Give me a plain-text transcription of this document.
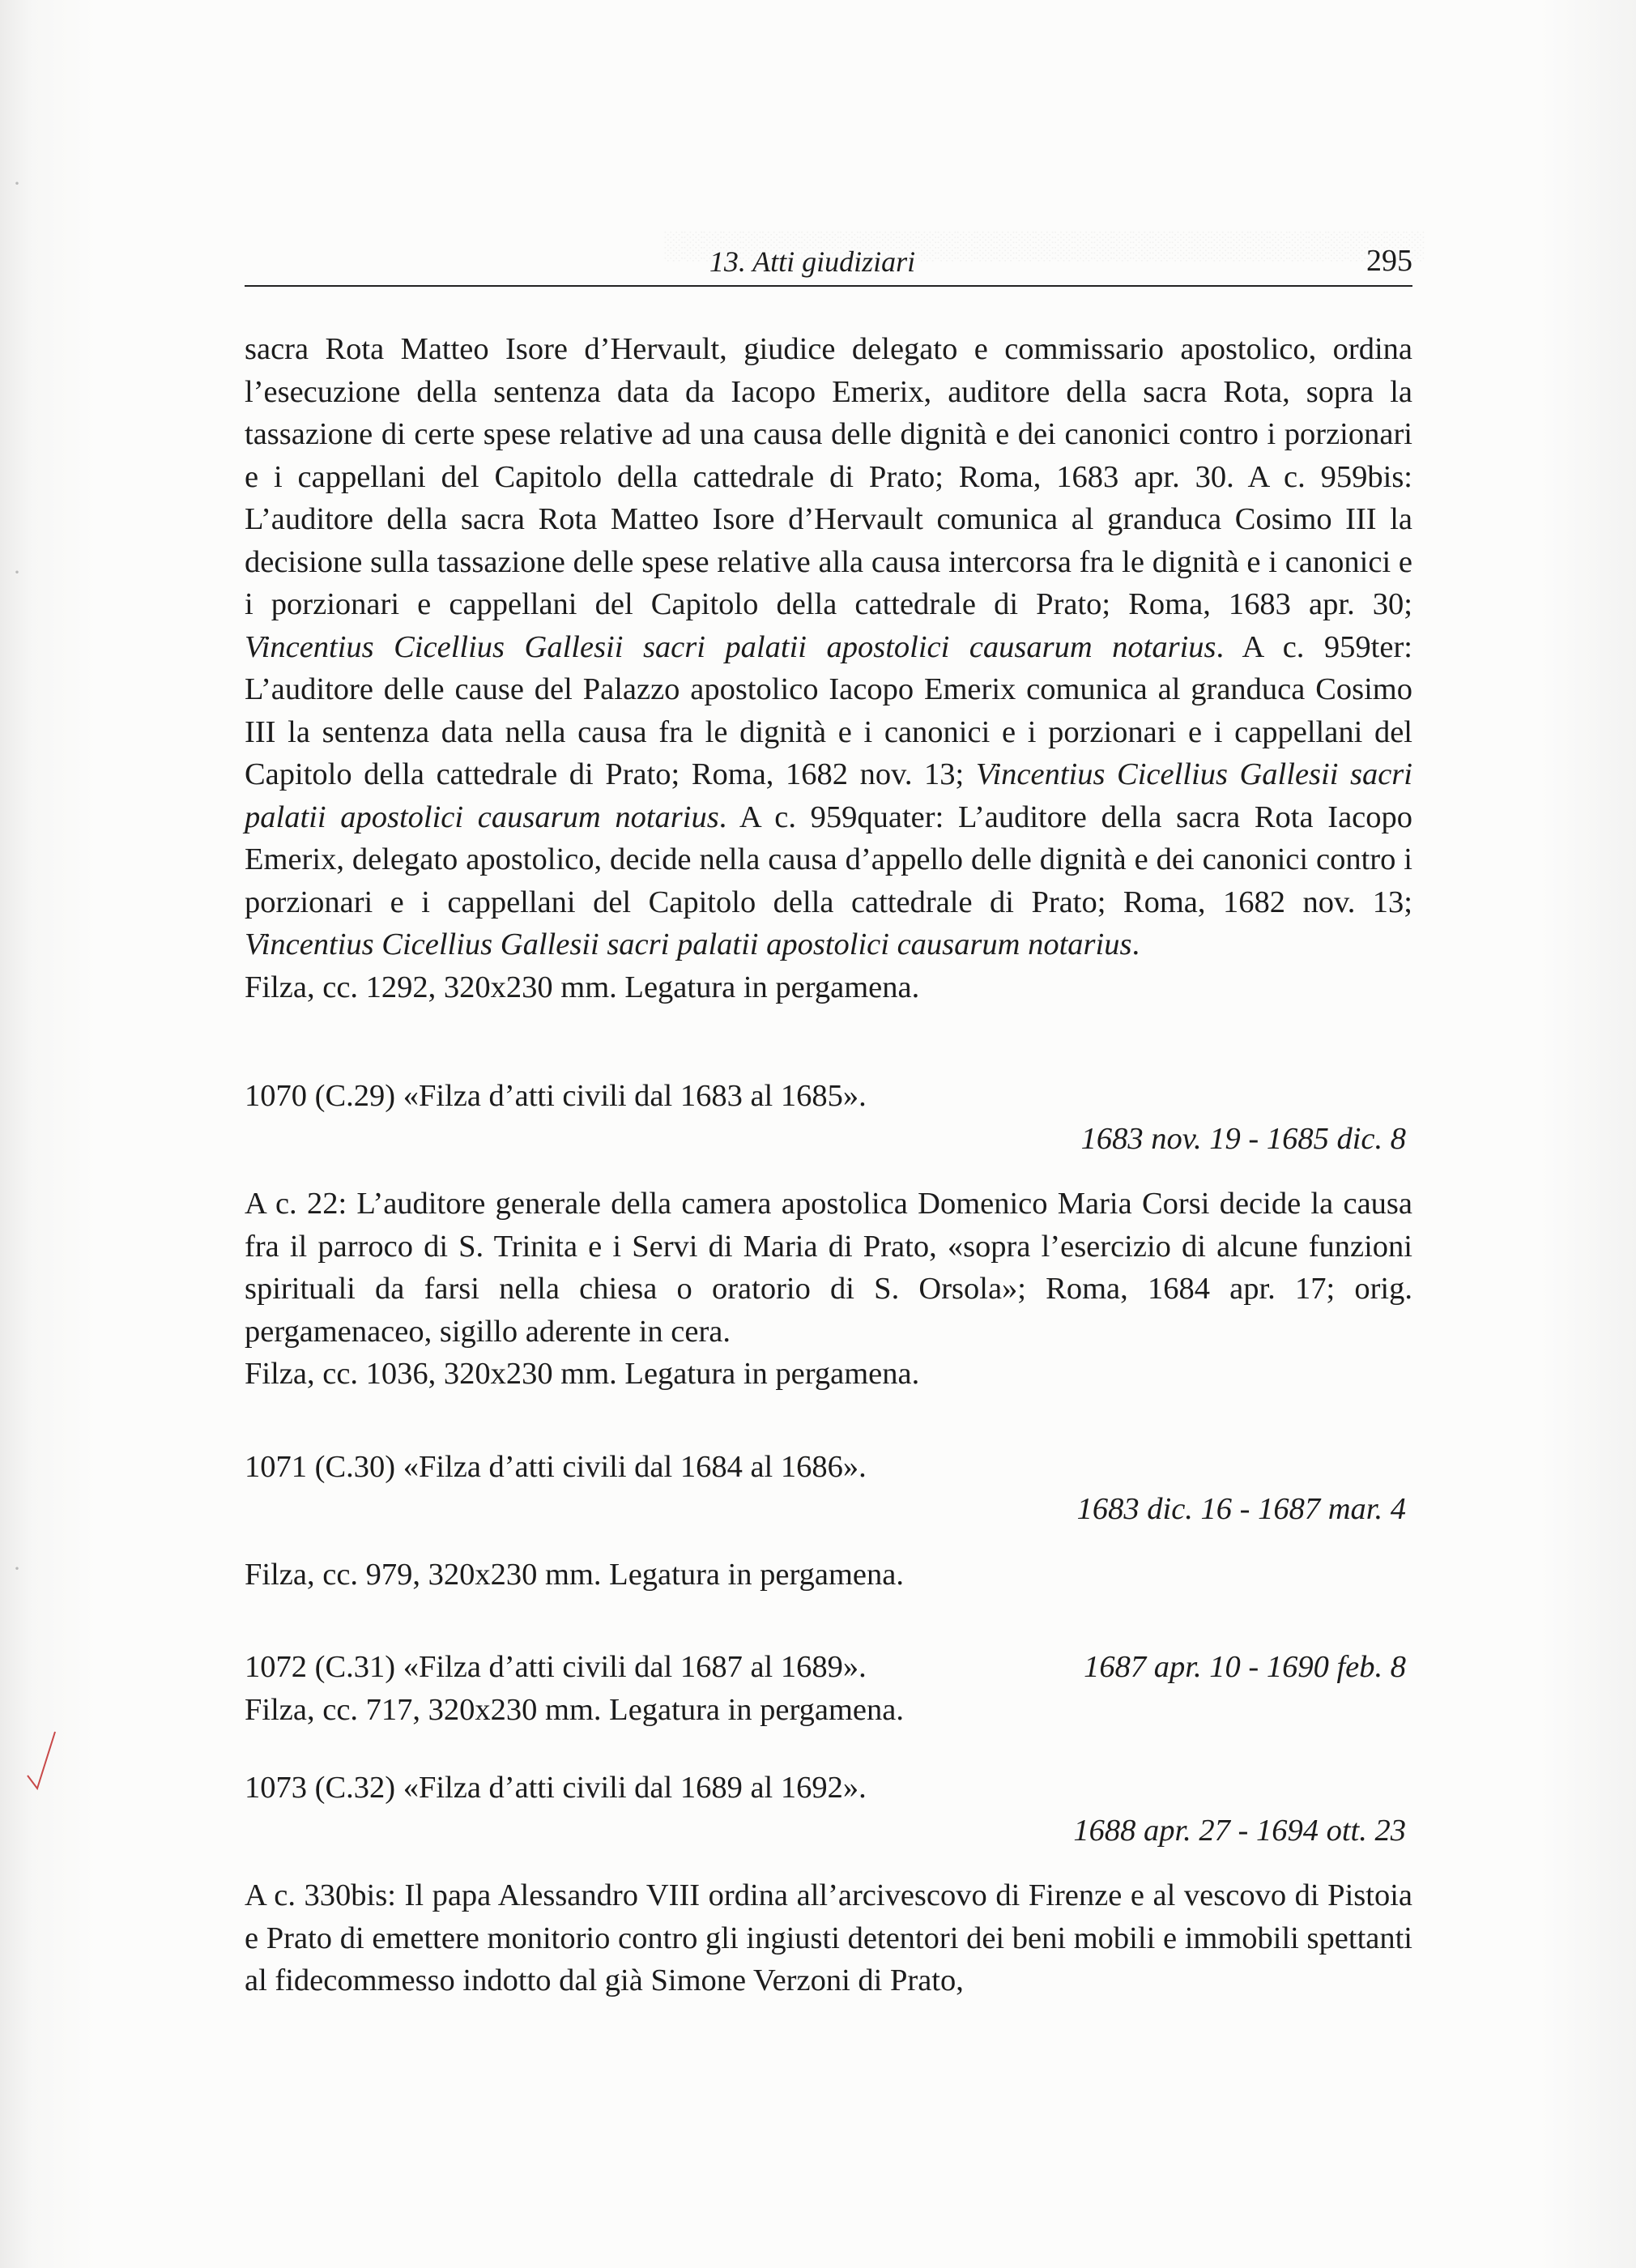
·
·
·
13. Atti giudiziari	295

sacra Rota Matteo Isore d’Hervault, giudice delegato e commissario apostolico, ordina l’esecuzione della sentenza data da Iacopo Emerix, auditore della sacra Rota, sopra la tassazione di certe spese relative ad una causa delle dignità e dei canonici contro i porzionari e i cappellani del Capitolo della cattedrale di Prato; Roma, 1683 apr. 30. A c. 959bis: L’auditore della sacra Rota Matteo Isore d’Hervault comunica al granduca Cosimo III la decisione sulla tassazione delle spese relative alla causa intercorsa fra le dignità e i canonici e i porzionari e cappellani del Capitolo della cattedrale di Prato; Roma, 1683 apr. 30; Vincentius Cicellius Gallesii sacri palatii apostolici causarum notarius. A c. 959ter: L’auditore delle cause del Palazzo apostolico Iacopo Emerix comunica al granduca Cosimo III la sentenza data nella causa fra le dignità e i canonici e i porzionari e i cappellani del Capitolo della cattedrale di Prato; Roma, 1682 nov. 13; Vincentius Cicellius Gallesii sacri palatii apostolici causarum notarius. A c. 959quater: L’auditore della sacra Rota Iacopo Emerix, delegato apostolico, decide nella causa d’appello delle dignità e dei canonici contro i porzionari e i cappellani del Capitolo della cattedrale di Prato; Roma, 1682 nov. 13; Vincentius Cicellius Gallesii sacri palatii apostolici causarum notarius.

Filza, cc. 1292, 320x230 mm. Legatura in pergamena.

1070 (C.29) «Filza d’atti civili dal 1683 al 1685».

1683 nov. 19 - 1685 dic. 8

A c. 22: L’auditore generale della camera apostolica Domenico Maria Corsi decide la causa fra il parroco di S. Trinita e i Servi di Maria di Prato, «sopra l’esercizio di alcune funzioni spirituali da farsi nella chiesa o oratorio di S. Orsola»; Roma, 1684 apr. 17; orig. pergamenaceo, sigillo aderente in cera.

Filza, cc. 1036, 320x230 mm. Legatura in pergamena.

1071 (C.30) «Filza d’atti civili dal 1684 al 1686».

1683 dic. 16 - 1687 mar. 4

Filza, cc. 979, 320x230 mm. Legatura in pergamena.

1072 (C.31) «Filza d’atti civili dal 1687 al 1689».	1687 apr. 10 - 1690 feb. 8

Filza, cc. 717, 320x230 mm. Legatura in pergamena.

1073 (C.32) «Filza d’atti civili dal 1689 al 1692».

1688 apr. 27 - 1694 ott. 23

A c. 330bis: Il papa Alessandro VIII ordina all’arcivescovo di Firenze e al vescovo di Pistoia e Prato di emettere monitorio contro gli ingiusti detentori dei beni mobili e immobili spettanti al fidecommesso indotto dal già Simone Verzoni di Prato,
